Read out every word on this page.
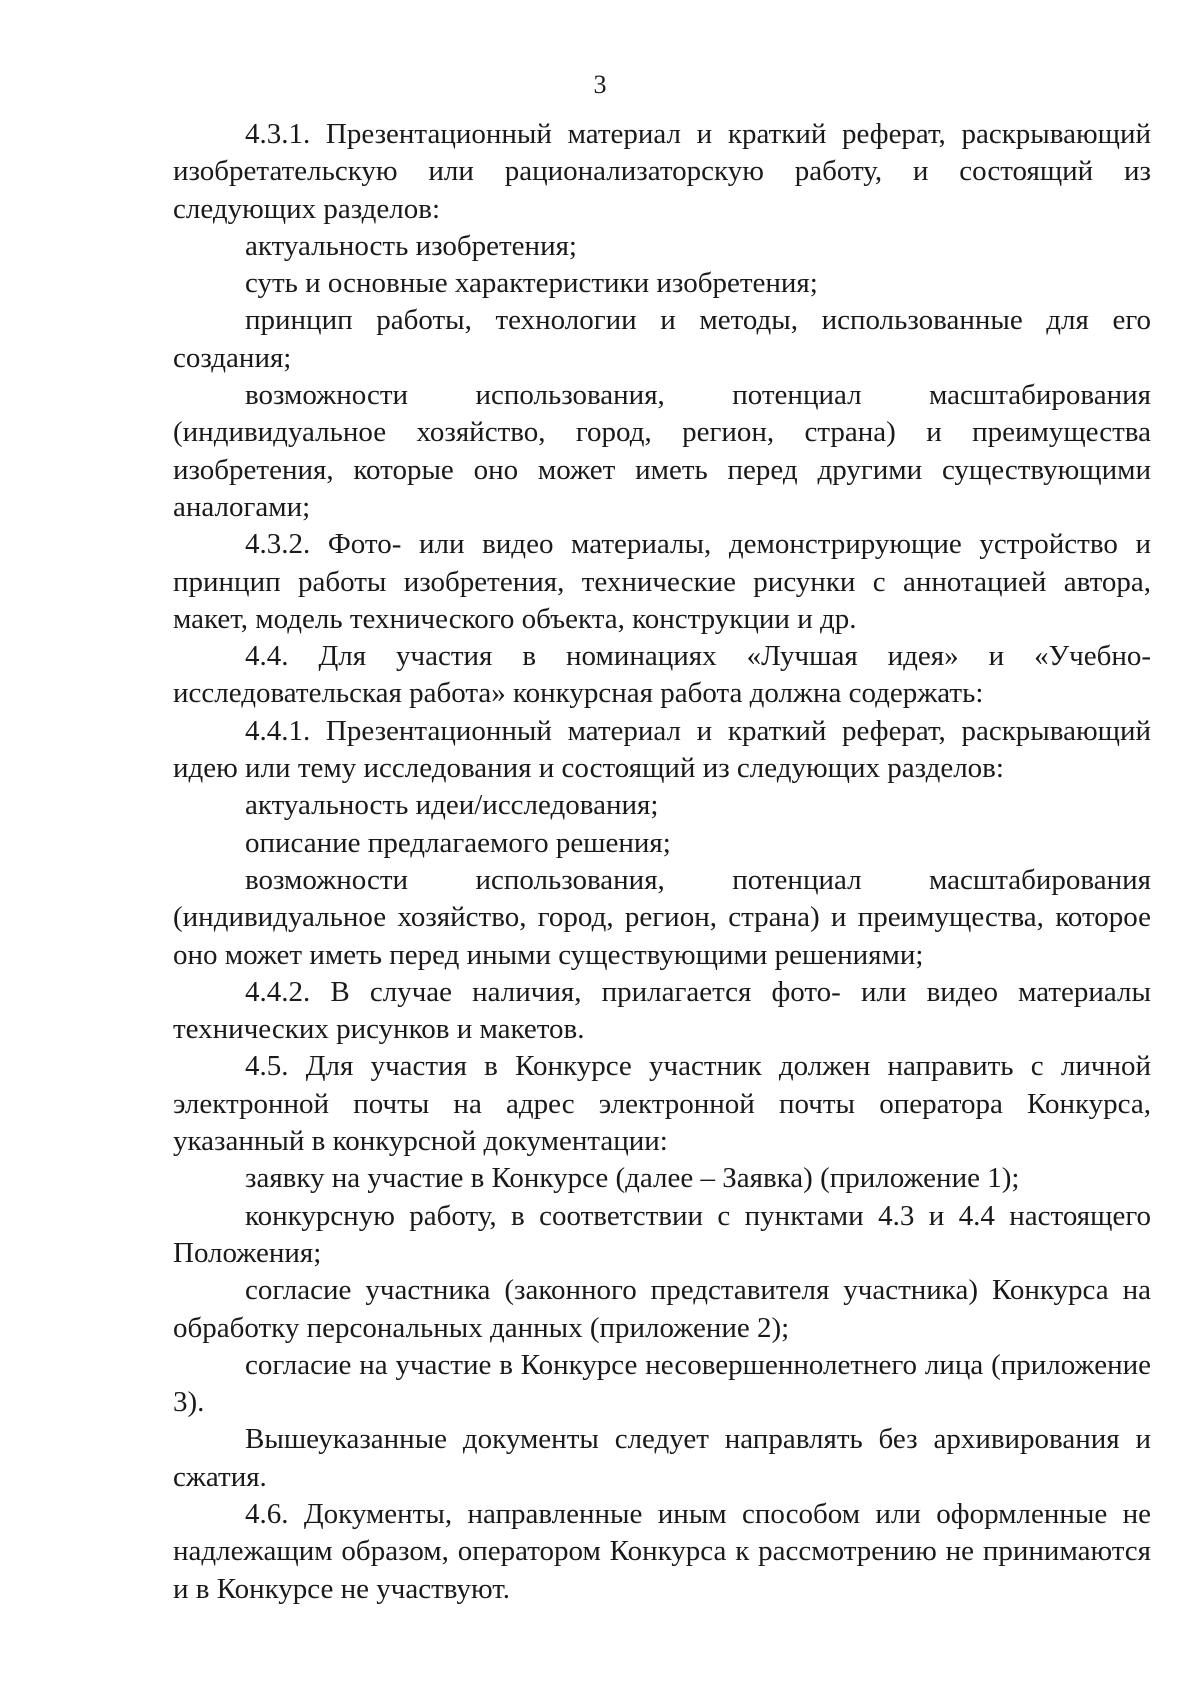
3

4.3.1. Презентационный материал и краткий реферат, раскрывающий изобретательскую или рационализаторскую работу, и состоящий из следующих разделов:

актуальность изобретения;

суть и основные характеристики изобретения;

принцип работы, технологии и методы, использованные для его создания;

возможности использования, потенциал масштабирования (индивидуальное хозяйство, город, регион, страна) и преимущества изобретения, которые оно может иметь перед другими существующими аналогами;

4.3.2. Фото- или видео материалы, демонстрирующие устройство и принцип работы изобретения, технические рисунки с аннотацией автора, макет, модель технического объекта, конструкции и др.

4.4. Для участия в номинациях «Лучшая идея» и «Учебно-исследовательская работа» конкурсная работа должна содержать:

4.4.1. Презентационный материал и краткий реферат, раскрывающий идею или тему исследования и состоящий из следующих разделов:

актуальность идеи/исследования;

описание предлагаемого решения;

возможности использования, потенциал масштабирования (индивидуальное хозяйство, город, регион, страна) и преимущества, которое оно может иметь перед иными существующими решениями;

4.4.2. В случае наличия, прилагается фото- или видео материалы технических рисунков и макетов.

4.5. Для участия в Конкурсе участник должен направить с личной электронной почты на адрес электронной почты оператора Конкурса, указанный в конкурсной документации:

заявку на участие в Конкурсе (далее – Заявка) (приложение 1);

конкурсную работу, в соответствии с пунктами 4.3 и 4.4 настоящего Положения;

согласие участника (законного представителя участника) Конкурса на обработку персональных данных (приложение 2);

согласие на участие в Конкурсе несовершеннолетнего лица (приложение 3).

Вышеуказанные документы следует направлять без архивирования и сжатия.

4.6. Документы, направленные иным способом или оформленные не надлежащим образом, оператором Конкурса к рассмотрению не принимаются и в Конкурсе не участвуют.
